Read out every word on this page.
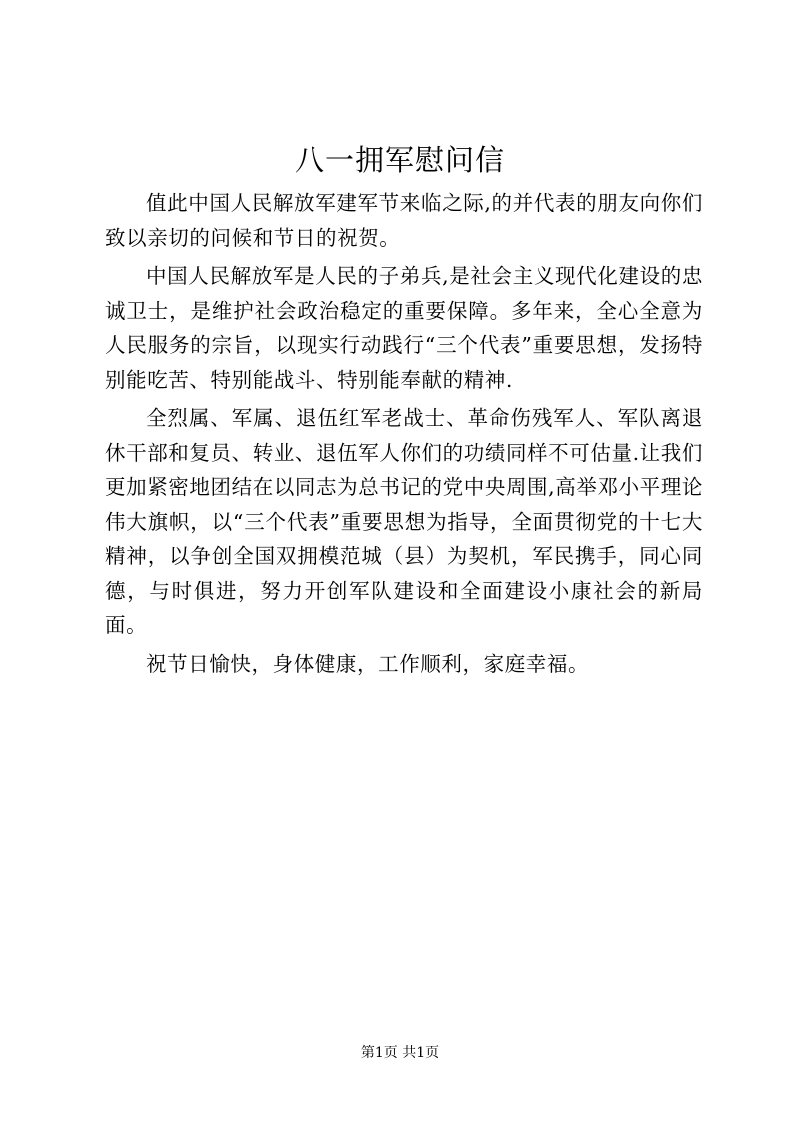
八一拥军慰问信

值此中国人民解放军建军节来临之际,的并代表的朋友向你们致以亲切的问候和节日的祝贺。

中国人民解放军是人民的子弟兵,是社会主义现代化建设的忠诚卫士，是维护社会政治稳定的重要保障。多年来，全心全意为人民服务的宗旨，以现实行动践行“三个代表”重要思想，发扬特别能吃苦、特别能战斗、特别能奉献的精神.

全烈属、军属、退伍红军老战士、革命伤残军人、军队离退休干部和复员、转业、退伍军人你们的功绩同样不可估量.让我们更加紧密地团结在以同志为总书记的党中央周围,高举邓小平理论伟大旗帜，以“三个代表”重要思想为指导，全面贯彻党的十七大精神，以争创全国双拥模范城（县）为契机，军民携手，同心同德，与时俱进，努力开创军队建设和全面建设小康社会的新局面。

祝节日愉快，身体健康，工作顺利，家庭幸福。

第1页 共1页
